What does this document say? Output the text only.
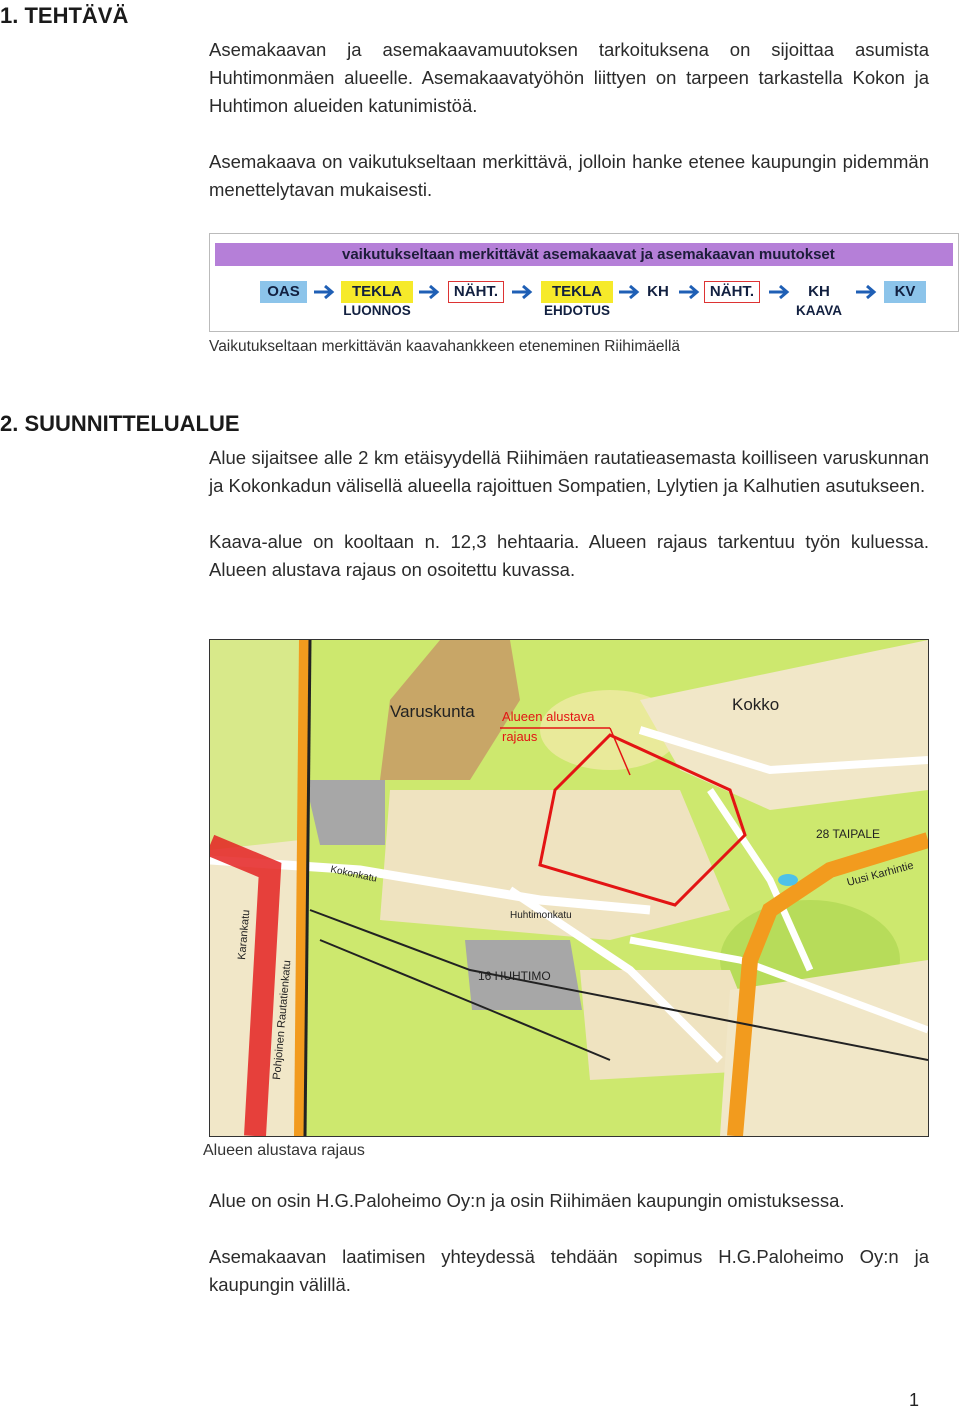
1. TEHTÄVÄ

Asemakaavan ja asemakaavamuutoksen tarkoituksena on sijoittaa asumista Huhtimonmäen alueelle. Asemakaavatyöhön liittyen on tarpeen tarkastella Kokon ja Huhtimon alueiden katunimistöä.

Asemakaava on vaikutukseltaan merkittävä, jolloin hanke etenee kaupungin pidemmän menettelytavan mukaisesti.

vaikutukseltaan merkittävät asemakaavat ja asemakaavan muutokset
OAS	TEKLA
LUONNOS
NÄHT.	TEKLA
EHDOTUS
KH	NÄHT.	KH
KAAVA
KV
Vaikutukseltaan merkittävän kaavahankkeen eteneminen Riihimäellä
2. SUUNNITTELUALUE

Alue sijaitsee alle 2 km etäisyydellä Riihimäen rautatieasemasta koilliseen varuskunnan ja Kokonkadun välisellä alueella rajoittuen Sompatien, Lylytien ja Kalhutien asutukseen.

Kaava-alue on kooltaan n. 12,3 hehtaaria. Alueen rajaus tarkentuu työn kuluessa. Alueen alustava rajaus on osoitettu kuvassa.

Varuskunta	Kokko
28 TAIPALE
16 HUHTIMO
Alueen alustava
rajaus
Uusi Karhintie
Pohjoinen Rautatienkatu
Karankatu
Kokonkatu
Huhtimonkatu
Alueen alustava rajaus

Alue on osin H.G.Paloheimo Oy:n ja osin Riihimäen kaupungin omistuksessa.

Asemakaavan laatimisen yhteydessä tehdään sopimus H.G.Paloheimo Oy:n ja kaupungin välillä.

1
